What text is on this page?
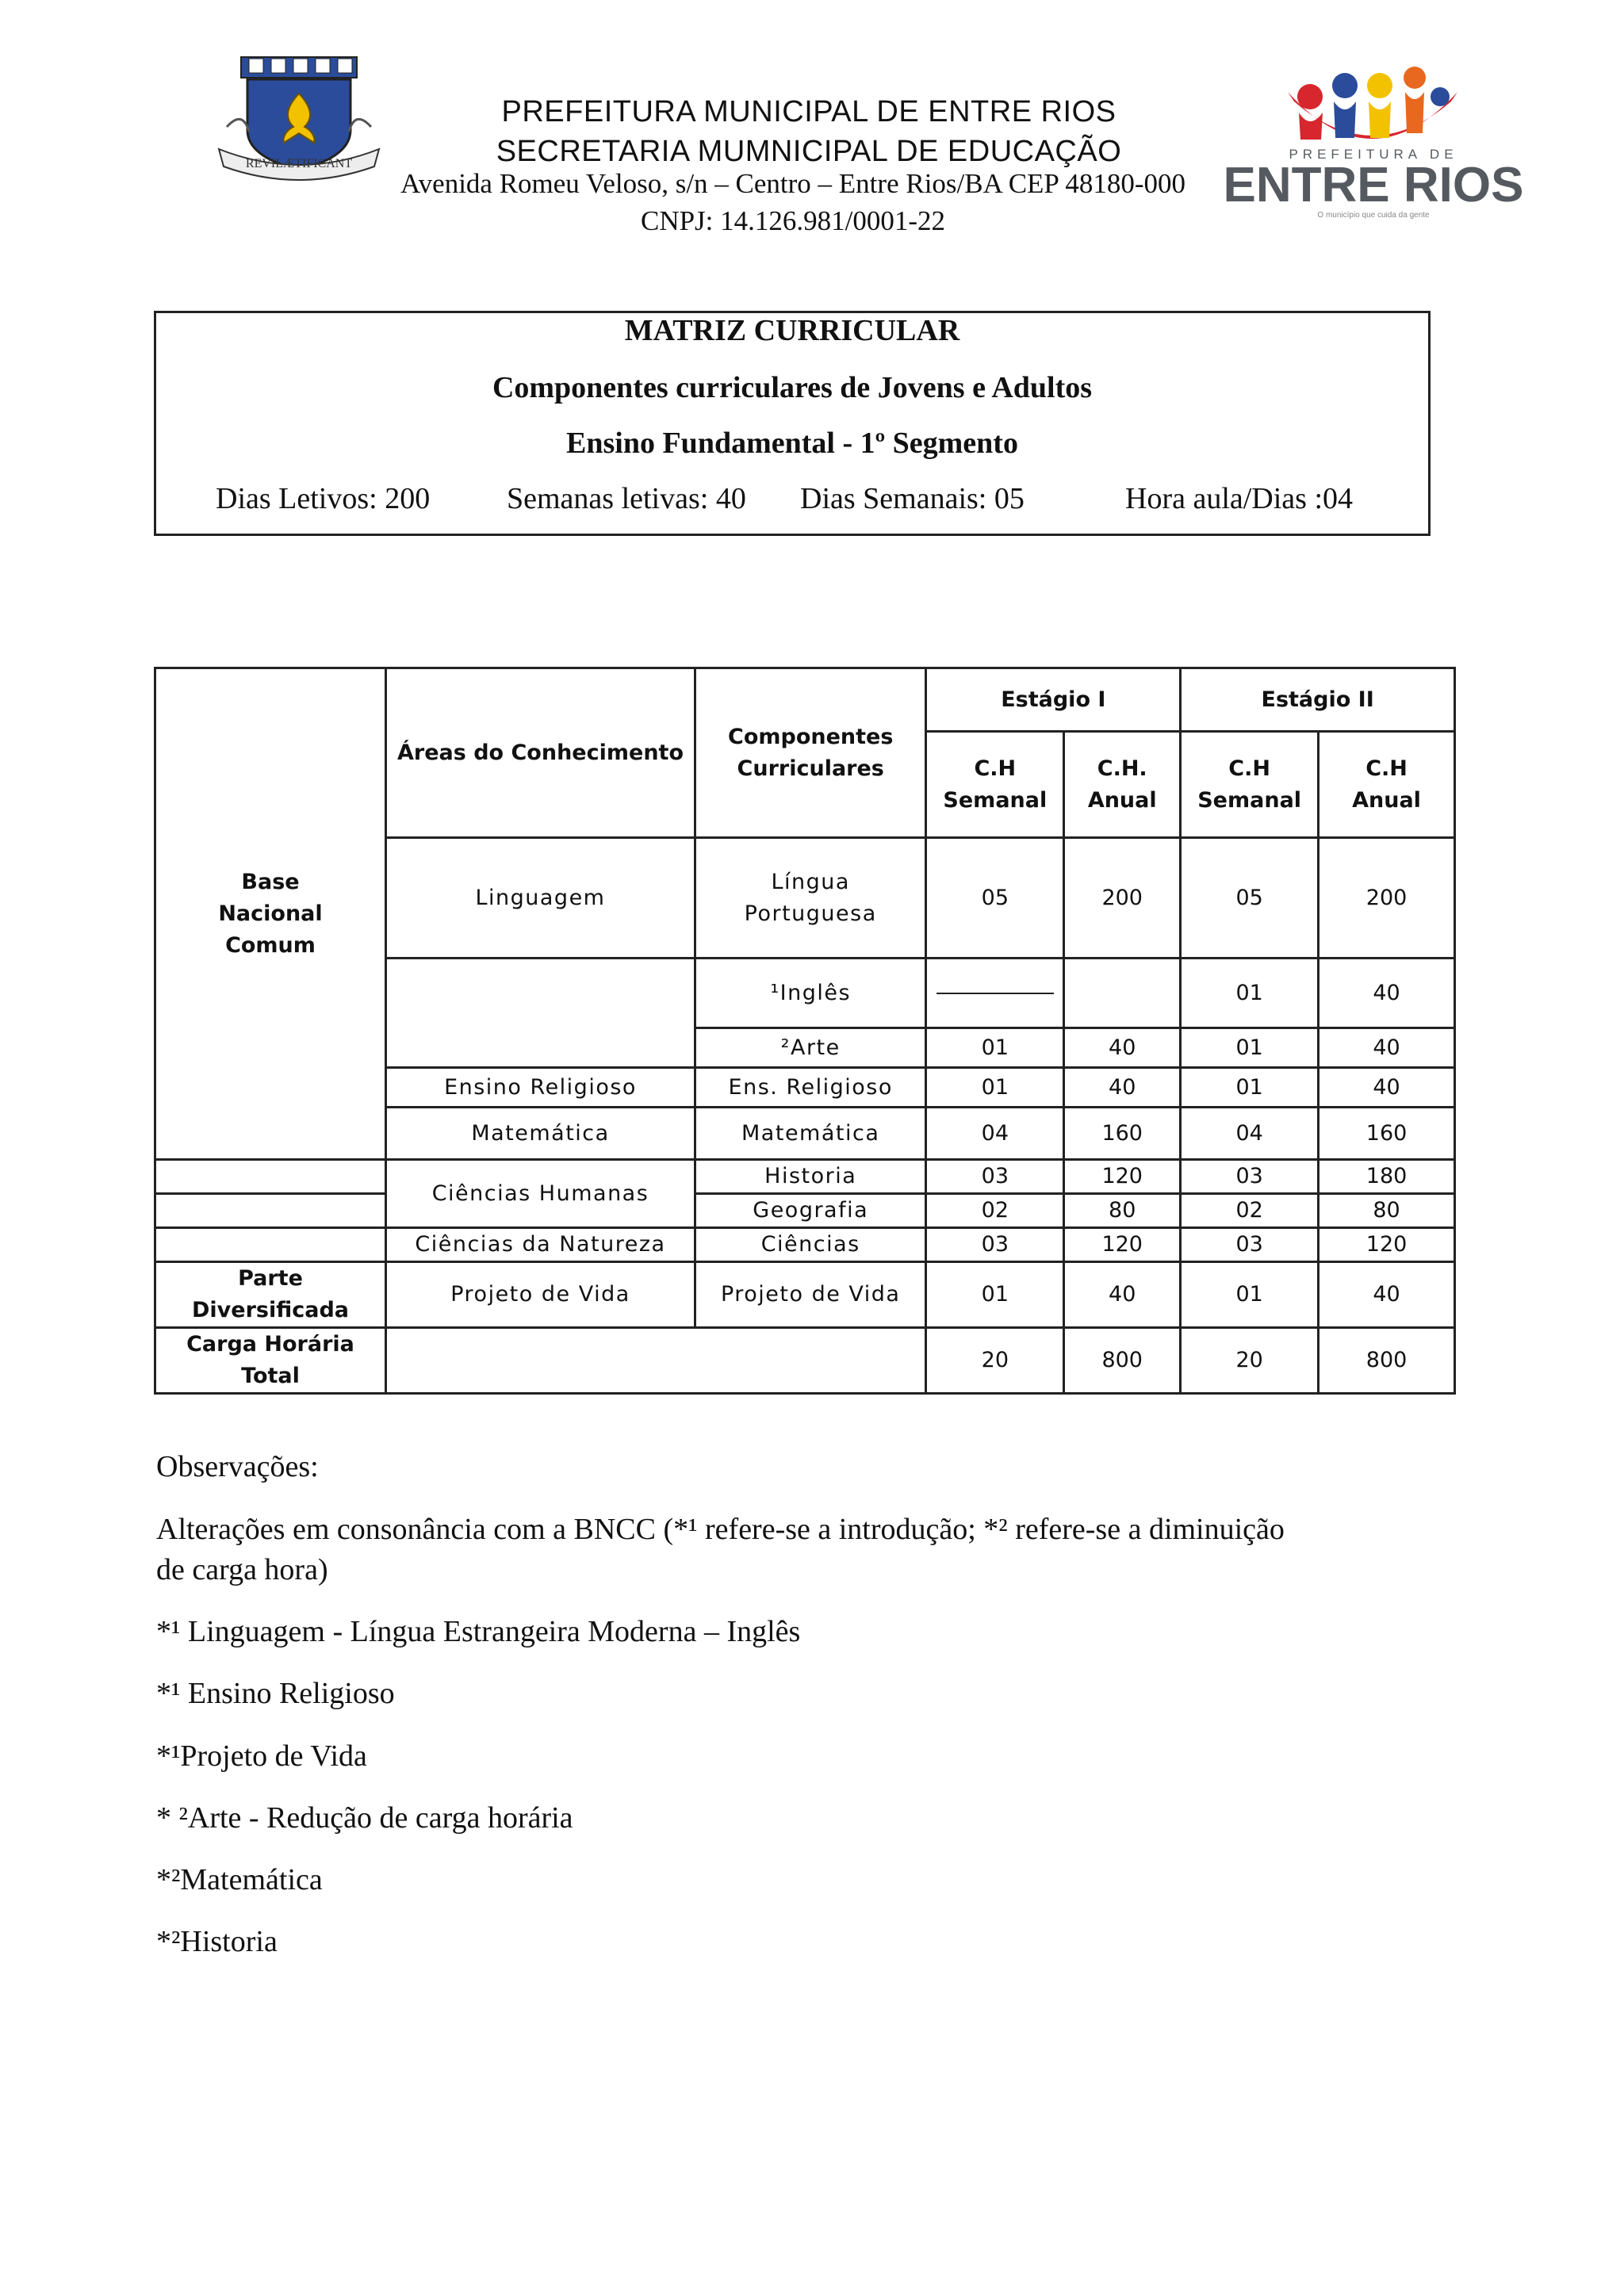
REVILÆTIFICANT
PREFEITURA MUNICIPAL DE ENTRE RIOS
SECRETARIA MUMNICIPAL DE EDUCAÇÃO
Avenida Romeu Veloso, s/n – Centro – Entre Rios/BA CEP 48180-000
CNPJ: 14.126.981/0001-22
PREFEITURA DE
ENTRE RIOS
O município que cuida da gente
MATRIZ CURRICULAR
Componentes curriculares de Jovens e Adultos
Ensino Fundamental - 1º Segmento
Dias Letivos: 200	Semanas letivas: 40 Dias Semanais: 05	Hora aula/Dias :04
Base Nacional Comum	Áreas do Conhecimento	Componentes Curriculares	Estágio I		Estágio II	
			C.H Semanal	C.H. Anual	C.H Semanal	C.H Anual
	Linguagem	Língua Portuguesa	05	200	05	200
		¹Inglês			01	40
		²Arte	01	40	01	40
	Ensino Religioso	Ens. Religioso	01	40	01	40
	Matemática	Matemática	04	160	04	160
	Ciências Humanas	Historia	03	120	03	180
		Geografia	02	80	02	80
	Ciências da Natureza	Ciências	03	120	03	120
Parte Diversificada	Projeto de Vida	Projeto de Vida	01	40	01	40
Carga Horária Total			20	800	20	800
Observações:
Alterações em consonância com a BNCC (*¹ refere-se a introdução; *² refere-se a diminuição
de carga hora)
*¹ Linguagem - Língua Estrangeira Moderna – Inglês
*¹ Ensino Religioso
*¹Projeto de Vida
* ²Arte - Redução de carga horária
*²Matemática
*²Historia
